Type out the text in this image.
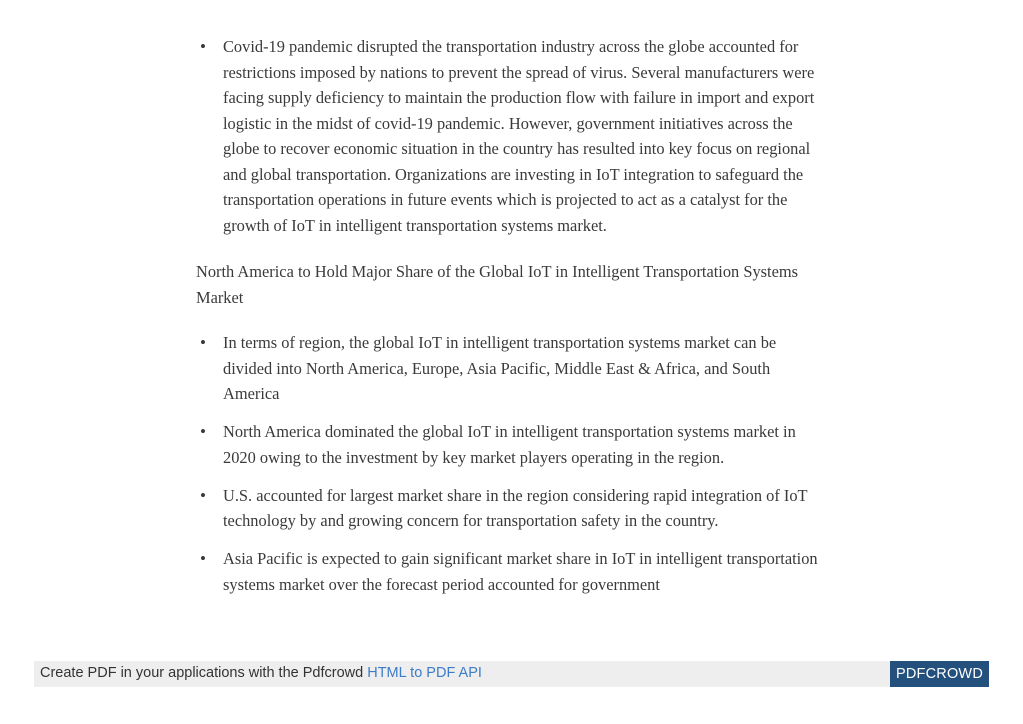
• Covid-19 pandemic disrupted the transportation industry across the globe accounted for restrictions imposed by nations to prevent the spread of virus. Several manufacturers were facing supply deficiency to maintain the production flow with failure in import and export logistic in the midst of covid-19 pandemic. However, government initiatives across the globe to recover economic situation in the country has resulted into key focus on regional and global transportation. Organizations are investing in IoT integration to safeguard the transportation operations in future events which is projected to act as a catalyst for the growth of IoT in intelligent transportation systems market.

North America to Hold Major Share of the Global IoT in Intelligent Transportation Systems Market

• In terms of region, the global IoT in intelligent transportation systems market can be divided into North America, Europe, Asia Pacific, Middle East & Africa, and South America
• North America dominated the global IoT in intelligent transportation systems market in 2020 owing to the investment by key market players operating in the region.
• U.S. accounted for largest market share in the region considering rapid integration of IoT technology by and growing concern for transportation safety in the country.
• Asia Pacific is expected to gain significant market share in IoT in intelligent transportation systems market over the forecast period accounted for government
Create PDF in your applications with the Pdfcrowd HTML to PDF API	PDFCROWD
